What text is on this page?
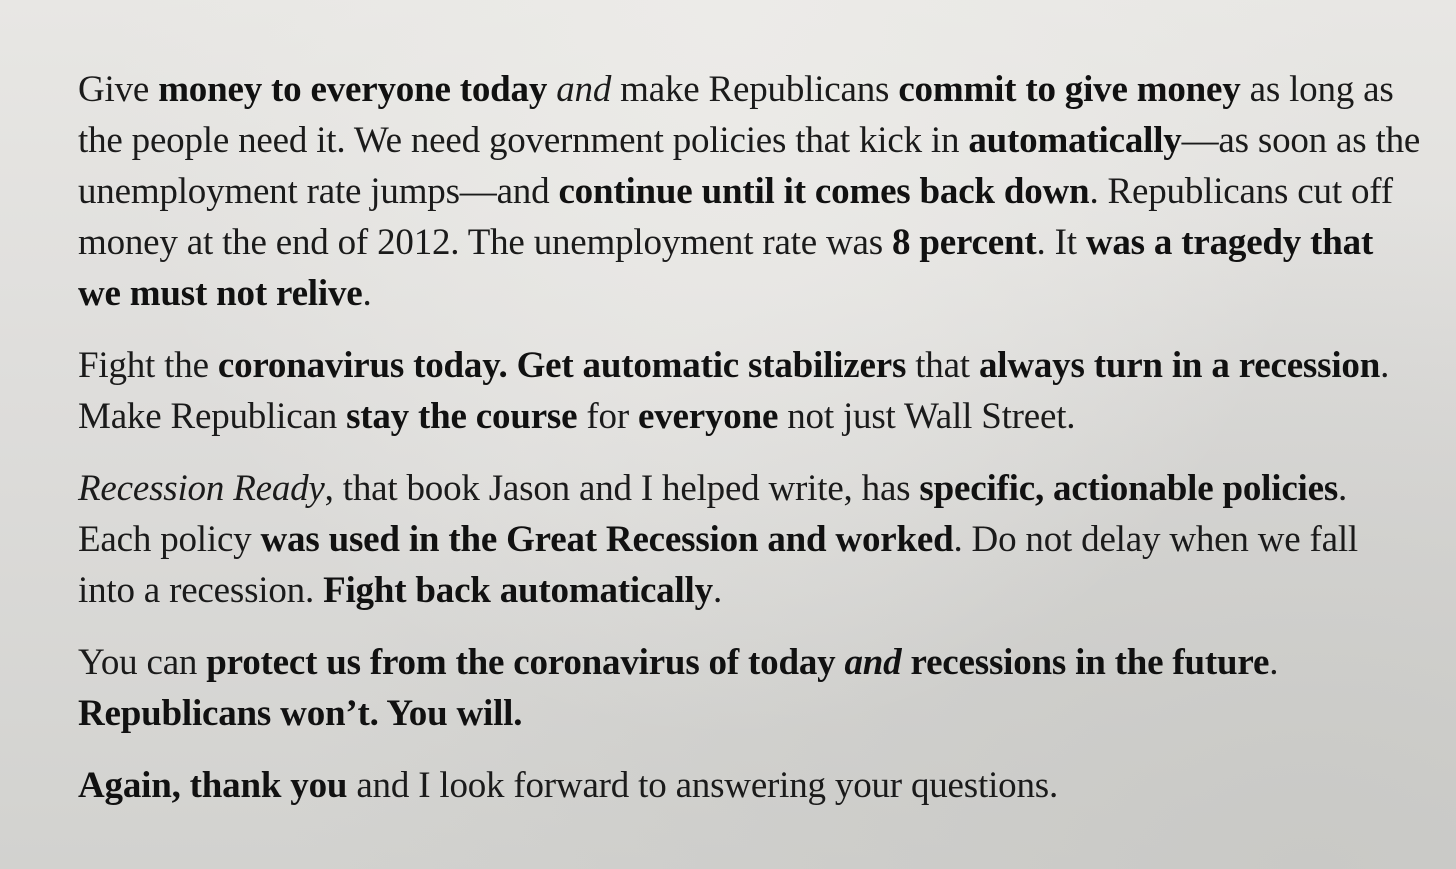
Give money to everyone today and make Republicans commit to give money as long as the people need it. We need government policies that kick in automatically—as soon as the unemployment rate jumps—and continue until it comes back down. Republicans cut off money at the end of 2012. The unemployment rate was 8 percent. It was a tragedy that we must not relive.

Fight the coronavirus today. Get automatic stabilizers that always turn in a recession. Make Republican stay the course for everyone not just Wall Street.

Recession Ready, that book Jason and I helped write, has specific, actionable policies. Each policy was used in the Great Recession and worked. Do not delay when we fall into a recession. Fight back automatically.

You can protect us from the coronavirus of today and recessions in the future. Republicans won’t. You will.

Again, thank you and I look forward to answering your questions.
